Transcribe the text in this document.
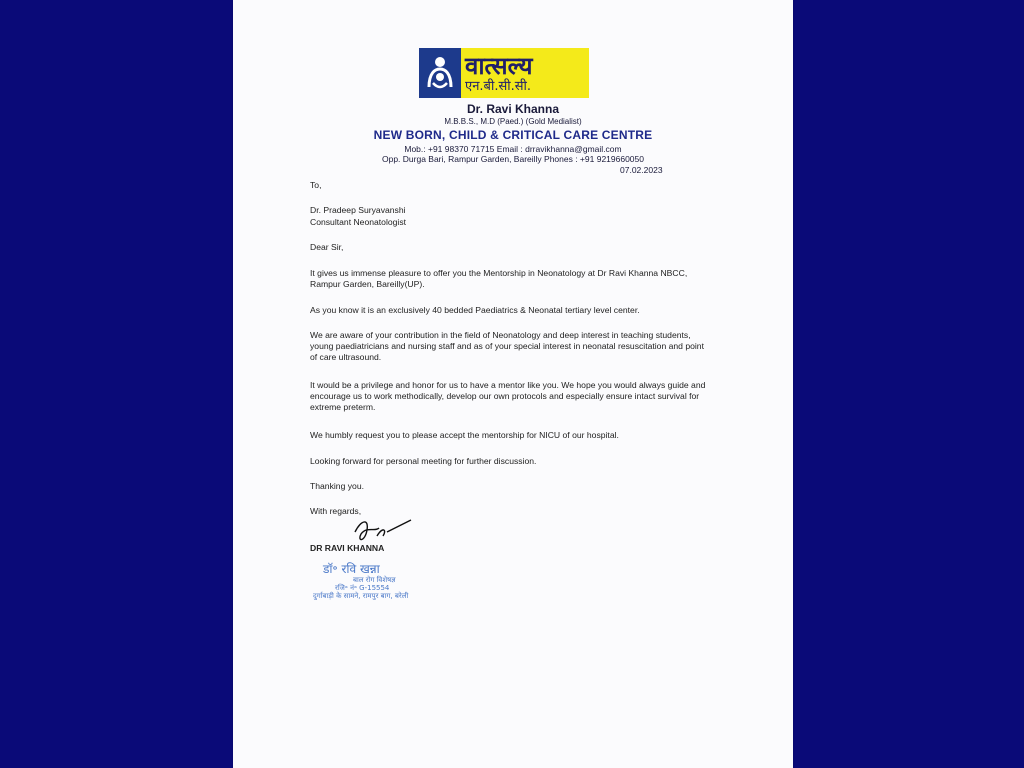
वात्सल्य
एन.बी.सी.सी.
Dr. Ravi Khanna
M.B.B.S., M.D (Paed.) (Gold Medialist)
NEW BORN, CHILD & CRITICAL CARE CENTRE
Mob.: +91 98370 71715 Email : drravikhanna@gmail.com
Opp. Durga Bari, Rampur Garden, Bareilly Phones : +91 9219660050
07.02.2023
To,
Dr. Pradeep Suryavanshi
Consultant Neonatologist
Dear Sir,
It gives us immense pleasure to offer you the Mentorship in Neonatology at Dr Ravi Khanna NBCC, Rampur Garden, Bareilly(UP).
As you know it is an exclusively 40 bedded Paediatrics & Neonatal tertiary level center.
We are aware of your contribution in the field of Neonatology and deep interest in teaching students, young paediatricians and nursing staff and as of your special interest in neonatal resuscitation and point of care ultrasound.
It would be a privilege and honor for us to have a mentor like you. We hope you would always guide and encourage us to work methodically, develop our own protocols and especially ensure intact survival for extreme preterm.
We humbly request you to please accept the mentorship for NICU of our hospital.
Looking forward for personal meeting for further discussion.
Thanking you.
With regards,
DR RAVI KHANNA
डॉ॰ रवि खन्ना
बाल रोग विशेषज्ञ
रजि॰ नं॰ G-15554
दुर्गाबाड़ी के सामने, रामपुर बाग, बरेली
